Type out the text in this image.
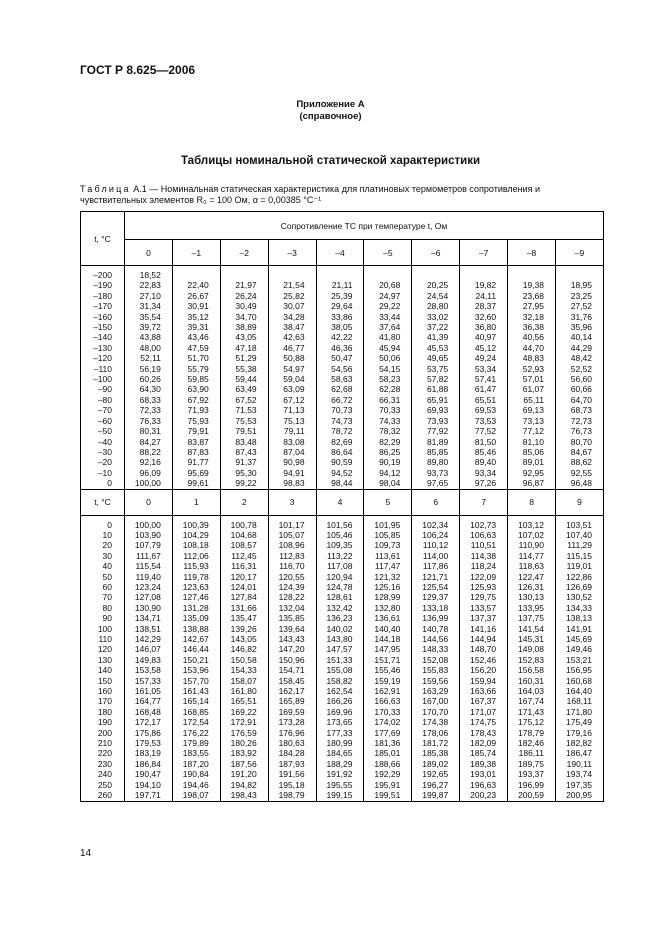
ГОСТ Р 8.625—2006
Приложение А
(справочное)
Таблицы номинальной статической характеристики
Таблица А.1 — Номинальная статическая характеристика для платиновых термометров сопротивления и
чувствительных элементов R₀ = 100 Ом, α = 0,00385 °C⁻¹
t, °C	Сопротивление ТС при температуре t, Ом									
	0	–1	–2	–3	–4	–5	–6	–7	–8	–9

–200	18,52									
–190	22,83	22,40	21,97	21,54	21,11	20,68	20,25	19,82	19,38	18,95
–180	27,10	26,67	26,24	25,82	25,39	24,97	24,54	24,11	23,68	23,25
–170	31,34	30,91	30,49	30,07	29,64	29,22	28,80	28,37	27,95	27,52
–160	35,54	35,12	34,70	34,28	33,86	33,44	33,02	32,60	32,18	31,76
–150	39,72	39,31	38,89	38,47	38,05	37,64	37,22	36,80	36,38	35,96
–140	43,88	43,46	43,05	42,63	42,22	41,80	41,39	40,97	40,56	40,14
–130	48,00	47,59	47,18	46,77	46,36	45,94	45,53	45,12	44,70	44,29
–120	52,11	51,70	51,29	50,88	50,47	50,06	49,65	49,24	48,83	48,42
–110	56,19	55,79	55,38	54,97	54,56	54,15	53,75	53,34	52,93	52,52
–100	60,26	59,85	59,44	59,04	58,63	58,23	57,82	57,41	57,01	56,60
–90	64,30	63,90	63,49	63,09	62,68	62,28	61,88	61,47	61,07	60,66
–80	68,33	67,92	67,52	67,12	66,72	66,31	65,91	65,51	65,11	64,70
–70	72,33	71,93	71,53	71,13	70,73	70,33	69,93	69,53	69,13	68,73
–60	76,33	75,93	75,53	75,13	74,73	74,33	73,93	73,53	73,13	72,73
–50	80,31	79,91	79,51	79,11	78,72	78,32	77,92	77,52	77,12	76,73
–40	84,27	83,87	83,48	83,08	82,69	82,29	81,89	81,50	81,10	80,70
–30	88,22	87,83	87,43	87,04	86,64	86,25	85,85	85,46	85,06	84,67
–20	92,16	91,77	91,37	90,98	90,59	90,19	89,80	89,40	89,01	88,62
–10	96,09	95,69	95,30	94,91	94,52	94,12	93,73	93,34	92,95	92,55
0	100,00	99,61	99,22	98,83	98,44	98,04	97,65	97,26	96,87	96,48
t, °C	0	1	2	3	4	5	6	7	8	9

0	100,00	100,39	100,78	101,17	101,56	101,95	102,34	102,73	103,12	103,51
10	103,90	104,29	104,68	105,07	105,46	105,85	106,24	106,63	107,02	107,40
20	107,79	108,18	108,57	108,96	109,35	109,73	110,12	110,51	110,90	111,29
30	111,67	112,06	112,45	112,83	113,22	113,61	114,00	114,38	114,77	115,15
40	115,54	115,93	116,31	116,70	117,08	117,47	117,86	118,24	118,63	119,01
50	119,40	119,78	120,17	120,55	120,94	121,32	121,71	122,09	122,47	122,86
60	123,24	123,63	124,01	124,39	124,78	125,16	125,54	125,93	126,31	126,69
70	127,08	127,46	127,84	128,22	128,61	128,99	129,37	129,75	130,13	130,52
80	130,90	131,28	131,66	132,04	132,42	132,80	133,18	133,57	133,95	134,33
90	134,71	135,09	135,47	135,85	136,23	136,61	136,99	137,37	137,75	138,13
100	138,51	138,88	139,26	139,64	140,02	140,40	140,78	141,16	141,54	141,91
110	142,29	142,67	143,05	143,43	143,80	144,18	144,56	144,94	145,31	145,69
120	146,07	146,44	146,82	147,20	147,57	147,95	148,33	148,70	149,08	149,46
130	149,83	150,21	150,58	150,96	151,33	151,71	152,08	152,46	152,83	153,21
140	153,58	153,96	154,33	154,71	155,08	155,46	155,83	156,20	156,58	156,95
150	157,33	157,70	158,07	158,45	158,82	159,19	159,56	159,94	160,31	160,68
160	161,05	161,43	161,80	162,17	162,54	162,91	163,29	163,66	164,03	164,40
170	164,77	165,14	165,51	165,89	166,26	166,63	167,00	167,37	167,74	168,11
180	168,48	168,85	169,22	169,59	169,96	170,33	170,70	171,07	171,43	171,80
190	172,17	172,54	172,91	173,28	173,65	174,02	174,38	174,75	175,12	175,49
200	175,86	176,22	176,59	176,96	177,33	177,69	178,06	178,43	178,79	179,16
210	179,53	179,89	180,26	180,63	180,99	181,36	181,72	182,09	182,46	182,82
220	183,19	183,55	183,92	184,28	184,65	185,01	185,38	185,74	186,11	186,47
230	186,84	187,20	187,56	187,93	188,29	188,66	189,02	189,38	189,75	190,11
240	190,47	190,84	191,20	191,56	191,92	192,29	192,65	193,01	193,37	193,74
250	194,10	194,46	194,82	195,18	195,55	195,91	196,27	196,63	196,99	197,35
260	197,71	198,07	198,43	198,79	199,15	199,51	199,87	200,23	200,59	200,95
14
